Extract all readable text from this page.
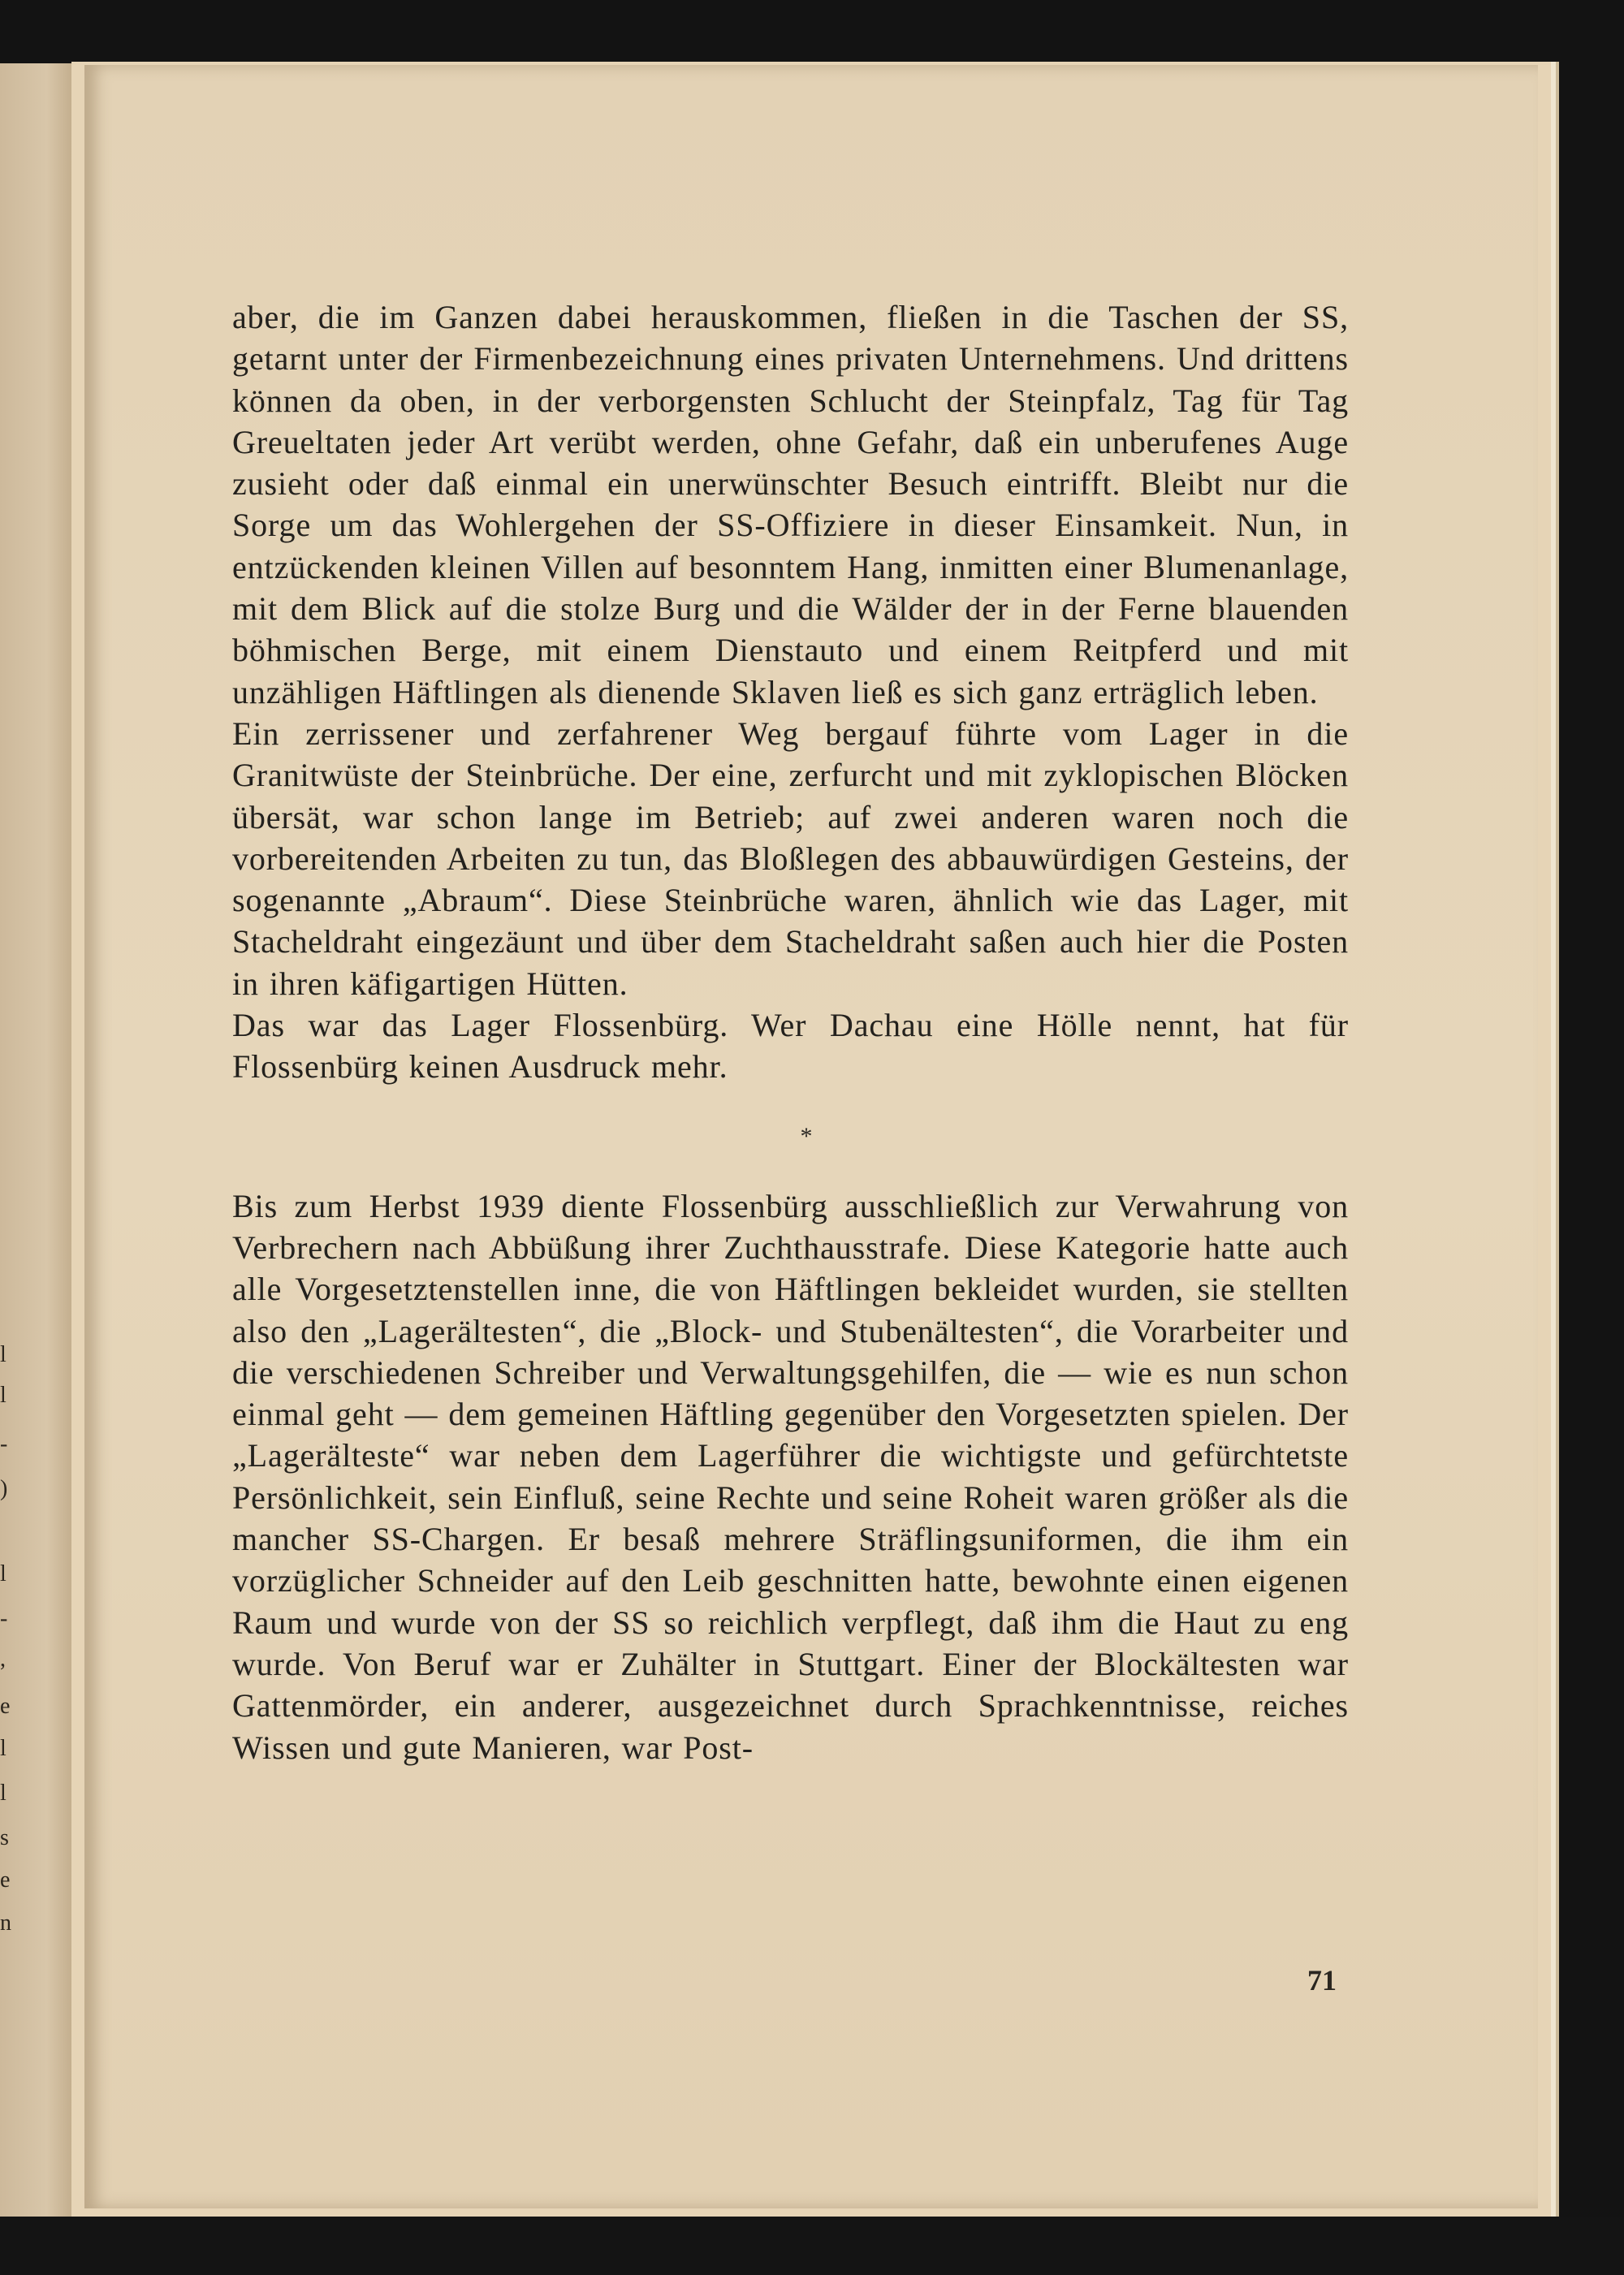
l
l
-
)
l
-
,
e
l
l
s
e
n

aber, die im Ganzen dabei herauskommen, fließen in die Taschen der SS, getarnt unter der Firmenbezeichnung eines privaten Unternehmens. Und drittens können da oben, in der verborgensten Schlucht der Steinpfalz, Tag für Tag Greueltaten jeder Art verübt werden, ohne Gefahr, daß ein unberufenes Auge zusieht oder daß einmal ein unerwünschter Besuch eintrifft. Bleibt nur die Sorge um das Wohlergehen der SS-Offiziere in dieser Einsamkeit. Nun, in entzückenden kleinen Villen auf besonntem Hang, inmitten einer Blumenanlage, mit dem Blick auf die stolze Burg und die Wälder der in der Ferne blauenden böhmischen Berge, mit einem Dienstauto und einem Reitpferd und mit unzähligen Häftlingen als dienende Sklaven ließ es sich ganz erträglich leben.

Ein zerrissener und zerfahrener Weg bergauf führte vom Lager in die Granitwüste der Steinbrüche. Der eine, zerfurcht und mit zyklopischen Blöcken übersät, war schon lange im Betrieb; auf zwei anderen waren noch die vorbereitenden Arbeiten zu tun, das Bloßlegen des abbauwürdigen Gesteins, der sogenannte „Abraum“. Diese Steinbrüche waren, ähnlich wie das Lager, mit Stacheldraht eingezäunt und über dem Stacheldraht saßen auch hier die Posten in ihren käfigartigen Hütten.

Das war das Lager Flossenbürg. Wer Dachau eine Hölle nennt, hat für Flossenbürg keinen Ausdruck mehr.

*

Bis zum Herbst 1939 diente Flossenbürg ausschließlich zur Verwahrung von Verbrechern nach Abbüßung ihrer Zuchthausstrafe. Diese Kategorie hatte auch alle Vorgesetztenstellen inne, die von Häftlingen bekleidet wurden, sie stellten also den „Lagerältesten“, die „Block- und Stubenältesten“, die Vorarbeiter und die verschiedenen Schreiber und Verwaltungsgehilfen, die — wie es nun schon einmal geht — dem gemeinen Häftling gegenüber den Vorgesetzten spielen. Der „Lagerälteste“ war neben dem Lagerführer die wichtigste und gefürchtetste Persönlichkeit, sein Einfluß, seine Rechte und seine Roheit waren größer als die mancher SS-Chargen. Er besaß mehrere Sträflingsuniformen, die ihm ein vorzüglicher Schneider auf den Leib geschnitten hatte, bewohnte einen eigenen Raum und wurde von der SS so reichlich verpflegt, daß ihm die Haut zu eng wurde. Von Beruf war er Zuhälter in Stuttgart. Einer der Blockältesten war Gattenmörder, ein anderer, ausgezeichnet durch Sprachkenntnisse, reiches Wissen und gute Manieren, war Post-

71
